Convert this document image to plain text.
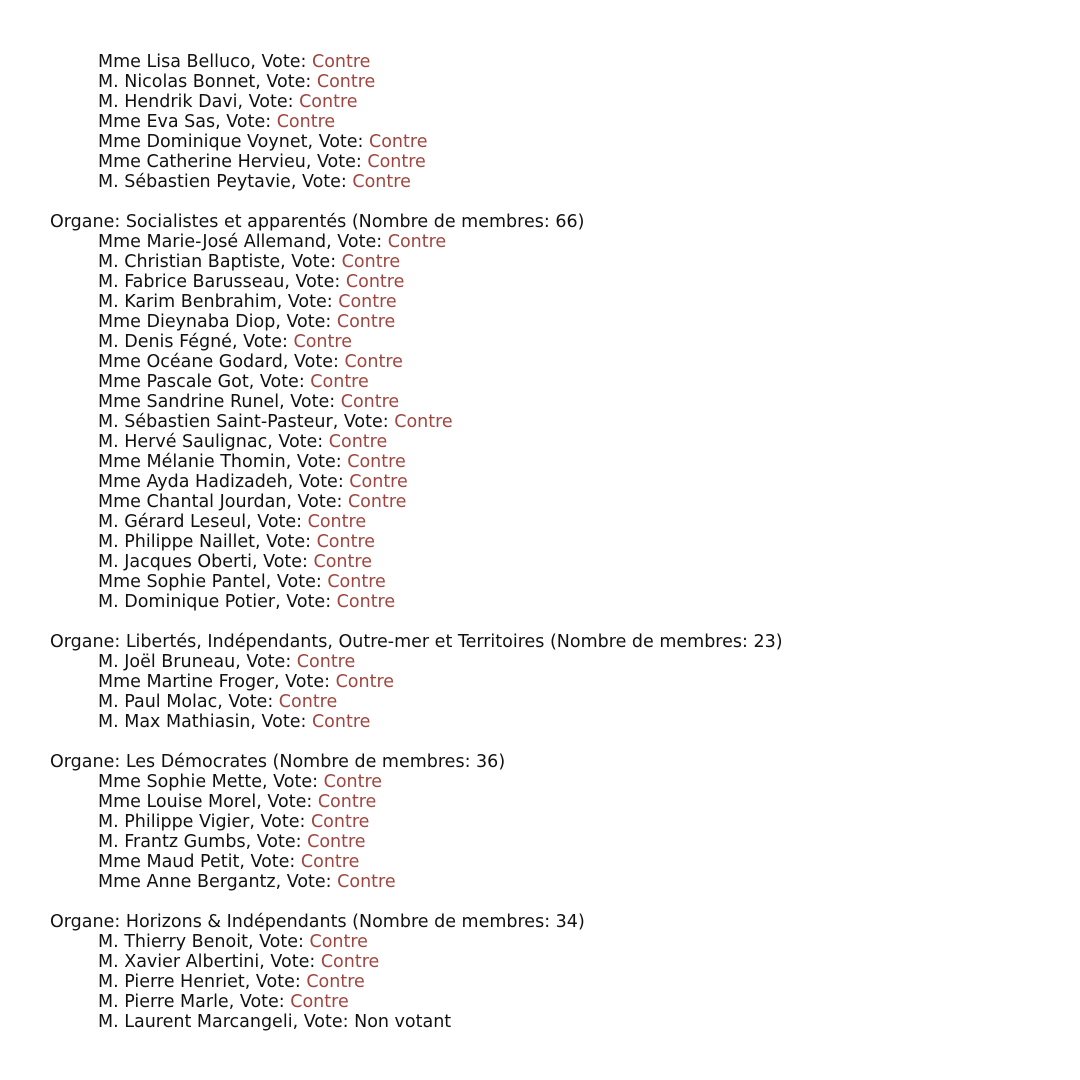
Mme Lisa Belluco, Vote: Contre
M. Nicolas Bonnet, Vote: Contre
M. Hendrik Davi, Vote: Contre
Mme Eva Sas, Vote: Contre
Mme Dominique Voynet, Vote: Contre
Mme Catherine Hervieu, Vote: Contre
M. Sébastien Peytavie, Vote: Contre
Organe: Socialistes et apparentés (Nombre de membres: 66)
Mme Marie-José Allemand, Vote: Contre
M. Christian Baptiste, Vote: Contre
M. Fabrice Barusseau, Vote: Contre
M. Karim Benbrahim, Vote: Contre
Mme Dieynaba Diop, Vote: Contre
M. Denis Fégné, Vote: Contre
Mme Océane Godard, Vote: Contre
Mme Pascale Got, Vote: Contre
Mme Sandrine Runel, Vote: Contre
M. Sébastien Saint-Pasteur, Vote: Contre
M. Hervé Saulignac, Vote: Contre
Mme Mélanie Thomin, Vote: Contre
Mme Ayda Hadizadeh, Vote: Contre
Mme Chantal Jourdan, Vote: Contre
M. Gérard Leseul, Vote: Contre
M. Philippe Naillet, Vote: Contre
M. Jacques Oberti, Vote: Contre
Mme Sophie Pantel, Vote: Contre
M. Dominique Potier, Vote: Contre
Organe: Libertés, Indépendants, Outre-mer et Territoires (Nombre de membres: 23)
M. Joël Bruneau, Vote: Contre
Mme Martine Froger, Vote: Contre
M. Paul Molac, Vote: Contre
M. Max Mathiasin, Vote: Contre
Organe: Les Démocrates (Nombre de membres: 36)
Mme Sophie Mette, Vote: Contre
Mme Louise Morel, Vote: Contre
M. Philippe Vigier, Vote: Contre
M. Frantz Gumbs, Vote: Contre
Mme Maud Petit, Vote: Contre
Mme Anne Bergantz, Vote: Contre
Organe: Horizons & Indépendants (Nombre de membres: 34)
M. Thierry Benoit, Vote: Contre
M. Xavier Albertini, Vote: Contre
M. Pierre Henriet, Vote: Contre
M. Pierre Marle, Vote: Contre
M. Laurent Marcangeli, Vote: Non votant
